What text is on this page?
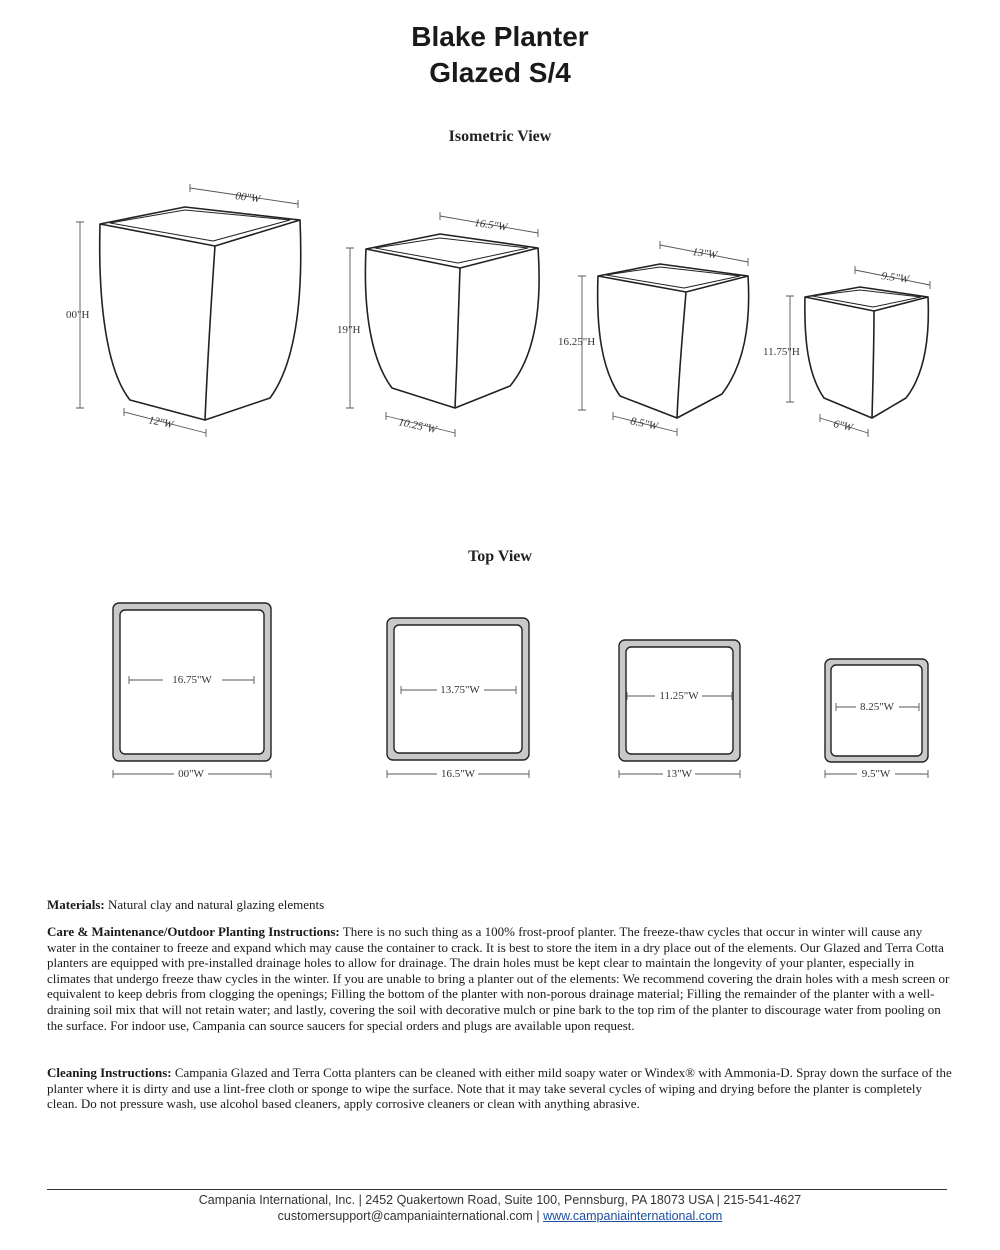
Blake Planter
Glazed S/4
Isometric View
00"W
00"H
12"W
16.5"W
19"H
10.25"W
13"W
16.25"H
8.5"W
9.5"W
11.75"H
6"W
16.75"W
13.75"W	11.25"W
8.25"W
00"W	16.5"W	13"W	9.5"W
Top View
Materials: Natural clay and natural glazing elements
Care & Maintenance/Outdoor Planting Instructions: There is no such thing as a 100% frost-proof planter. The freeze-thaw cycles that occur in winter will cause any water in the container to freeze and expand which may cause the container to crack. It is best to store the item in a dry place out of the elements. Our Glazed and Terra Cotta planters are equipped with pre-installed drainage holes to allow for drainage. The drain holes must be kept clear to maintain the longevity of your planter, especially in climates that undergo freeze thaw cycles in the winter. If you are unable to bring a planter out of the elements: We recommend covering the drain holes with a mesh screen or equivalent to keep debris from clogging the openings; Filling the bottom of the planter with non-porous drainage material; Filling the remainder of the planter with a well-draining soil mix that will not retain water; and lastly, covering the soil with decorative mulch or pine bark to the top rim of the planter to discourage water from pooling on the surface. For indoor use, Campania can source saucers for special orders and plugs are available upon request.
Cleaning Instructions: Campania Glazed and Terra Cotta planters can be cleaned with either mild soapy water or Windex® with Ammonia-D. Spray down the surface of the planter where it is dirty and use a lint-free cloth or sponge to wipe the surface. Note that it may take several cycles of wiping and drying before the planter is completely clean. Do not pressure wash, use alcohol based cleaners, apply corrosive cleaners or clean with anything abrasive.
Campania International, Inc. | 2452 Quakertown Road, Suite 100, Pennsburg, PA 18073 USA | 215-541-4627
customersupport@campaniainternational.com | www.campaniainternational.com
